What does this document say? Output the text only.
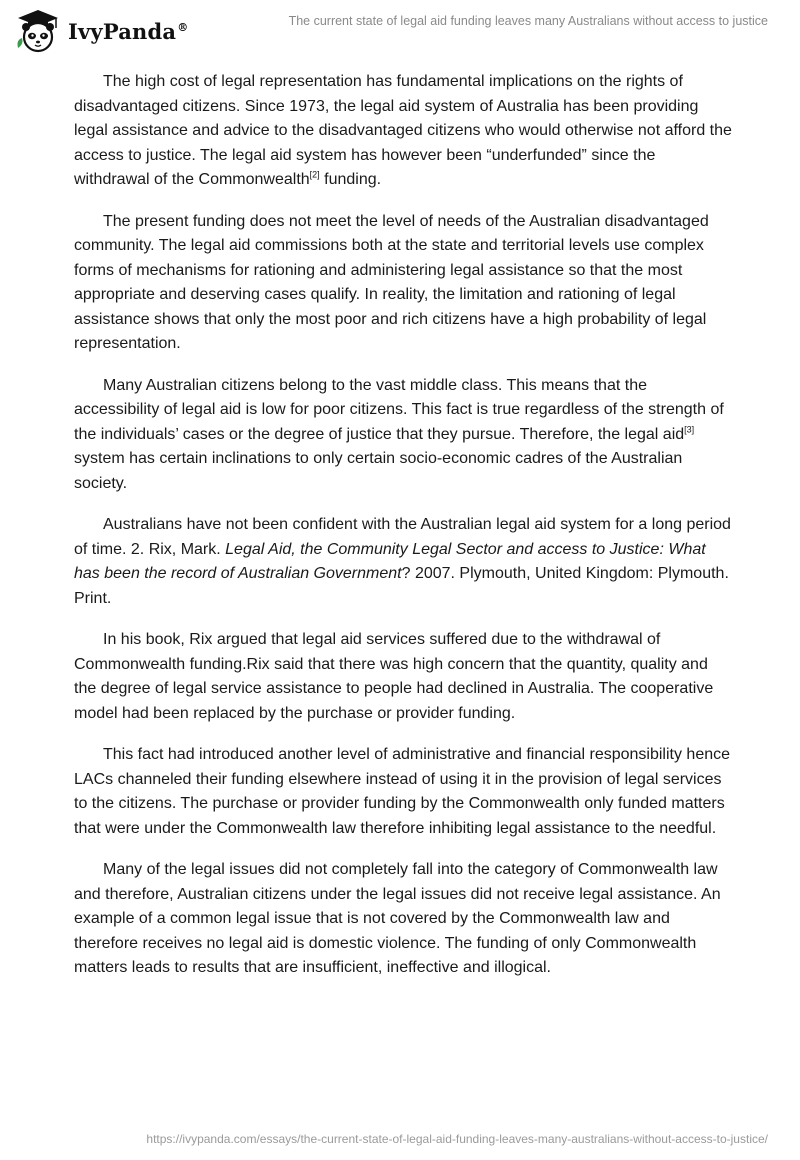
IvyPanda®	The current state of legal aid funding leaves many Australians without access to justice

The high cost of legal representation has fundamental implications on the rights of disadvantaged citizens. Since 1973, the legal aid system of Australia has been providing legal assistance and advice to the disadvantaged citizens who would otherwise not afford the access to justice. The legal aid system has however been “underfunded” since the withdrawal of the Commonwealth[2] funding.

The present funding does not meet the level of needs of the Australian disadvantaged community. The legal aid commissions both at the state and territorial levels use complex forms of mechanisms for rationing and administering legal assistance so that the most appropriate and deserving cases qualify. In reality, the limitation and rationing of legal assistance shows that only the most poor and rich citizens have a high probability of legal representation.

Many Australian citizens belong to the vast middle class. This means that the accessibility of legal aid is low for poor citizens. This fact is true regardless of the strength of the individuals’ cases or the degree of justice that they pursue. Therefore, the legal aid[3] system has certain inclinations to only certain socio-economic cadres of the Australian society.

Australians have not been confident with the Australian legal aid system for a long period of time. 2. Rix, Mark. Legal Aid, the Community Legal Sector and access to Justice: What has been the record of Australian Government? 2007. Plymouth, United Kingdom: Plymouth. Print.

In his book, Rix argued that legal aid services suffered due to the withdrawal of Commonwealth funding.Rix said that there was high concern that the quantity, quality and the degree of legal service assistance to people had declined in Australia. The cooperative model had been replaced by the purchase or provider funding.

This fact had introduced another level of administrative and financial responsibility hence LACs channeled their funding elsewhere instead of using it in the provision of legal services to the citizens. The purchase or provider funding by the Commonwealth only funded matters that were under the Commonwealth law therefore inhibiting legal assistance to the needful.

Many of the legal issues did not completely fall into the category of Commonwealth law and therefore, Australian citizens under the legal issues did not receive legal assistance. An example of a common legal issue that is not covered by the Commonwealth law and therefore receives no legal aid is domestic violence. The funding of only Commonwealth matters leads to results that are insufficient, ineffective and illogical.

https://ivypanda.com/essays/the-current-state-of-legal-aid-funding-leaves-many-australians-without-access-to-justice/
